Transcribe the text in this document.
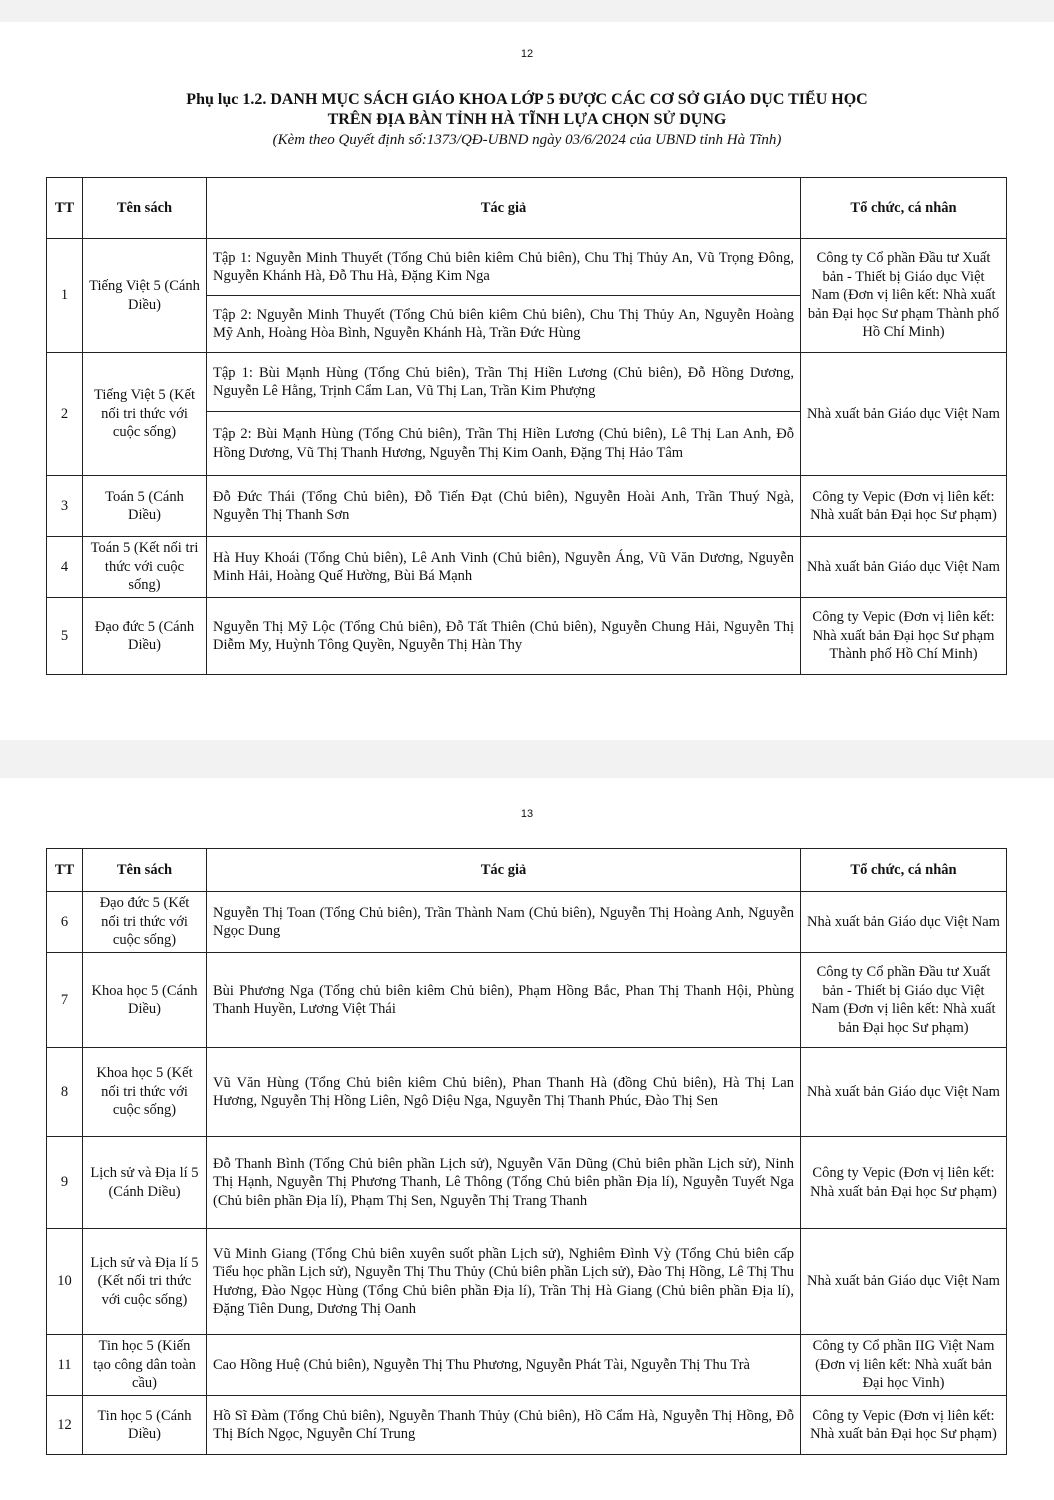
12
Phụ lục 1.2. DANH MỤC SÁCH GIÁO KHOA LỚP 5 ĐƯỢC CÁC CƠ SỞ GIÁO DỤC TIỂU HỌC
TRÊN ĐỊA BÀN TỈNH HÀ TĨNH LỰA CHỌN SỬ DỤNG
(Kèm theo Quyết định số:1373/QĐ-UBND ngày 03/6/2024 của UBND tỉnh Hà Tĩnh)
TT	Tên sách	Tác giả	Tổ chức, cá nhân
1	Tiếng Việt 5 (Cánh Diều)	Tập 1: Nguyễn Minh Thuyết (Tổng Chủ biên kiêm Chủ biên), Chu Thị Thủy An, Vũ Trọng Đông, Nguyễn Khánh Hà, Đỗ Thu Hà, Đặng Kim Nga	Công ty Cổ phần Đầu tư Xuất bản - Thiết bị Giáo dục Việt Nam (Đơn vị liên kết: Nhà xuất bản Đại học Sư phạm Thành phố Hồ Chí Minh)
		Tập 2: Nguyễn Minh Thuyết (Tổng Chủ biên kiêm Chủ biên), Chu Thị Thủy An, Nguyễn Hoàng Mỹ Anh, Hoàng Hòa Bình, Nguyễn Khánh Hà, Trần Đức Hùng	
2	Tiếng Việt 5 (Kết nối tri thức với cuộc sống)	Tập 1: Bùi Mạnh Hùng (Tổng Chủ biên), Trần Thị Hiền Lương (Chủ biên), Đỗ Hồng Dương, Nguyễn Lê Hằng, Trịnh Cẩm Lan, Vũ Thị Lan, Trần Kim Phượng	Nhà xuất bản Giáo dục Việt Nam
		Tập 2: Bùi Mạnh Hùng (Tổng Chủ biên), Trần Thị Hiền Lương (Chủ biên), Lê Thị Lan Anh, Đỗ Hồng Dương, Vũ Thị Thanh Hương, Nguyễn Thị Kim Oanh, Đặng Thị Hảo Tâm	
3	Toán 5 (Cánh Diều)	Đỗ Đức Thái (Tổng Chủ biên), Đỗ Tiến Đạt (Chủ biên), Nguyễn Hoài Anh, Trần Thuý Ngà, Nguyễn Thị Thanh Sơn	Công ty Vepic (Đơn vị liên kết: Nhà xuất bản Đại học Sư phạm)
4	Toán 5 (Kết nối tri thức với cuộc sống)	Hà Huy Khoái (Tổng Chủ biên), Lê Anh Vinh (Chủ biên), Nguyễn Áng, Vũ Văn Dương, Nguyễn Minh Hải, Hoàng Quế Hường, Bùi Bá Mạnh	Nhà xuất bản Giáo dục Việt Nam
5	Đạo đức 5 (Cánh Diều)	Nguyễn Thị Mỹ Lộc (Tổng Chủ biên), Đỗ Tất Thiên (Chủ biên), Nguyễn Chung Hải, Nguyễn Thị Diễm My, Huỳnh Tông Quyền, Nguyễn Thị Hàn Thy	Công ty Vepic (Đơn vị liên kết: Nhà xuất bản Đại học Sư phạm Thành phố Hồ Chí Minh)
13
TT	Tên sách	Tác giả	Tổ chức, cá nhân
6	Đạo đức 5 (Kết nối tri thức với cuộc sống)	Nguyễn Thị Toan (Tổng Chủ biên), Trần Thành Nam (Chủ biên), Nguyễn Thị Hoàng Anh, Nguyễn Ngọc Dung	Nhà xuất bản Giáo dục Việt Nam
7	Khoa học 5 (Cánh Diều)	Bùi Phương Nga (Tổng chủ biên kiêm Chủ biên), Phạm Hồng Bắc, Phan Thị Thanh Hội, Phùng Thanh Huyền, Lương Việt Thái	Công ty Cổ phần Đầu tư Xuất bản - Thiết bị Giáo dục Việt Nam (Đơn vị liên kết: Nhà xuất bản Đại học Sư phạm)
8	Khoa học 5 (Kết nối tri thức với cuộc sống)	Vũ Văn Hùng (Tổng Chủ biên kiêm Chủ biên), Phan Thanh Hà (đồng Chủ biên), Hà Thị Lan Hương, Nguyễn Thị Hồng Liên, Ngô Diệu Nga, Nguyễn Thị Thanh Phúc, Đào Thị Sen	Nhà xuất bản Giáo dục Việt Nam
9	Lịch sử và Địa lí 5 (Cánh Diều)	Đỗ Thanh Bình (Tổng Chủ biên phần Lịch sử), Nguyễn Văn Dũng (Chủ biên phần Lịch sử), Ninh Thị Hạnh, Nguyễn Thị Phương Thanh, Lê Thông (Tổng Chủ biên phần Địa lí), Nguyễn Tuyết Nga (Chủ biên phần Địa lí), Phạm Thị Sen, Nguyễn Thị Trang Thanh	Công ty Vepic (Đơn vị liên kết: Nhà xuất bản Đại học Sư phạm)
10	Lịch sử và Địa lí 5 (Kết nối tri thức với cuộc sống)	Vũ Minh Giang (Tổng Chủ biên xuyên suốt phần Lịch sử), Nghiêm Đình Vỳ (Tổng Chủ biên cấp Tiểu học phần Lịch sử), Nguyễn Thị Thu Thủy (Chủ biên phần Lịch sử), Đào Thị Hồng, Lê Thị Thu Hương, Đào Ngọc Hùng (Tổng Chủ biên phần Địa lí), Trần Thị Hà Giang (Chủ biên phần Địa lí), Đặng Tiên Dung, Dương Thị Oanh	Nhà xuất bản Giáo dục Việt Nam
11	Tin học 5 (Kiến tạo công dân toàn cầu)	Cao Hồng Huệ (Chủ biên), Nguyễn Thị Thu Phương, Nguyễn Phát Tài, Nguyễn Thị Thu Trà	Công ty Cổ phần IIG Việt Nam (Đơn vị liên kết: Nhà xuất bản Đại học Vinh)
12	Tin học 5 (Cánh Diều)	Hồ Sĩ Đàm (Tổng Chủ biên), Nguyễn Thanh Thủy (Chủ biên), Hồ Cẩm Hà, Nguyễn Thị Hồng, Đỗ Thị Bích Ngọc, Nguyễn Chí Trung	Công ty Vepic (Đơn vị liên kết: Nhà xuất bản Đại học Sư phạm)
